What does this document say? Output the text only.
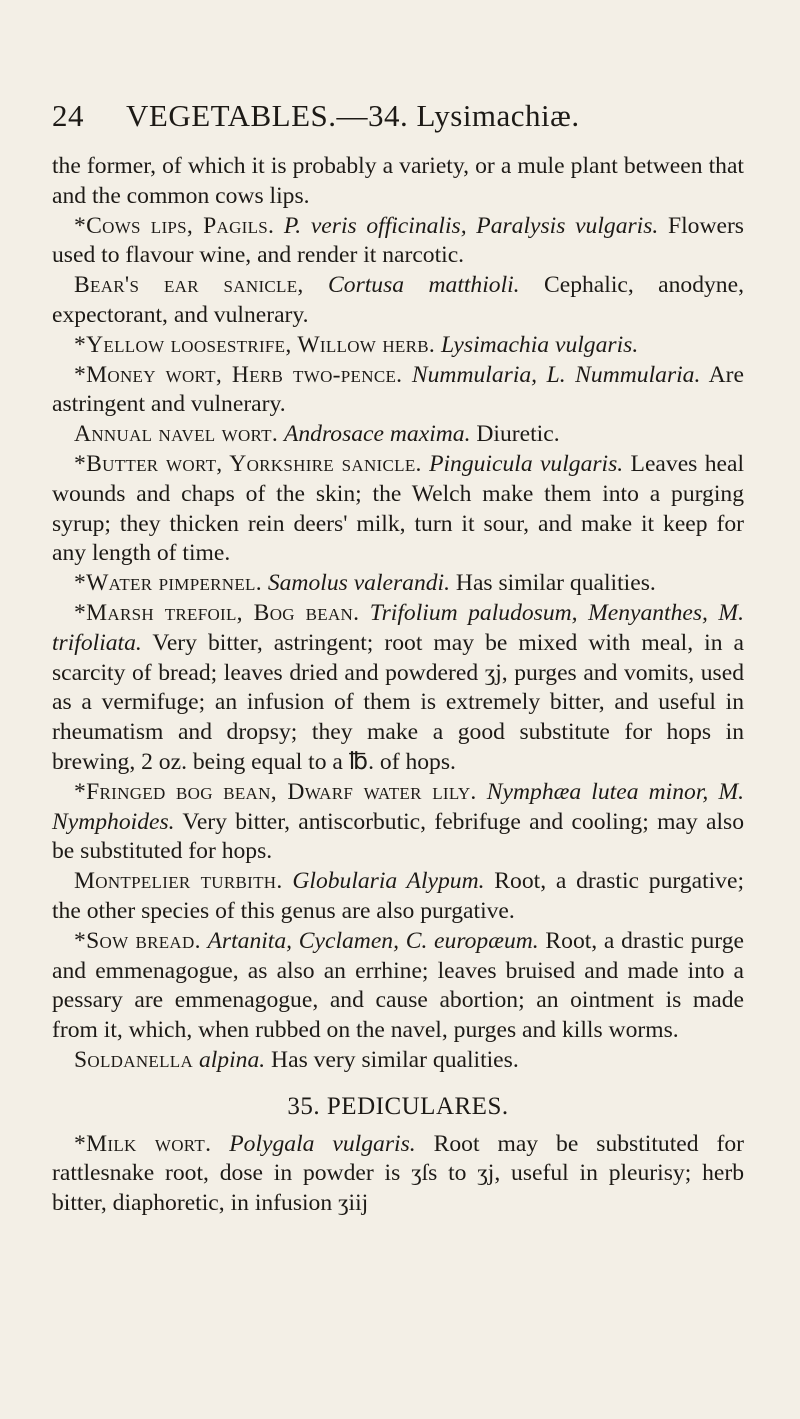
24 VEGETABLES.—34. Lysimachiæ.

the former, of which it is probably a variety, or a mule plant between that and the common cows lips.

*Cows lips, Pagils. P. veris officinalis, Paralysis vulgaris. Flowers used to flavour wine, and render it narcotic.

Bear's ear sanicle, Cortusa matthioli. Cephalic, anodyne, expectorant, and vulnerary.

*Yellow loosestrife, Willow herb. Lysimachia vulgaris.

*Money wort, Herb two-pence. Nummularia, L. Nummularia. Are astringent and vulnerary.

Annual navel wort. Androsace maxima. Diuretic.

*Butter wort, Yorkshire sanicle. Pinguicula vulgaris. Leaves heal wounds and chaps of the skin; the Welch make them into a purging syrup; they thicken rein deers' milk, turn it sour, and make it keep for any length of time.

*Water pimpernel. Samolus valerandi. Has similar qualities.

*Marsh trefoil, Bog bean. Trifolium paludosum, Menyanthes, M. trifoliata. Very bitter, astringent; root may be mixed with meal, in a scarcity of bread; leaves dried and powdered ʒj, purges and vomits, used as a vermifuge; an infusion of them is extremely bitter, and useful in rheumatism and dropsy; they make a good substitute for hops in brewing, 2 oz. being equal to a ℔. of hops.

*Fringed bog bean, Dwarf water lily. Nymphæa lutea minor, M. Nymphoides. Very bitter, antiscorbutic, febrifuge and cooling; may also be substituted for hops.

Montpelier turbith. Globularia Alypum. Root, a drastic purgative; the other species of this genus are also purgative.

*Sow bread. Artanita, Cyclamen, C. europæum. Root, a drastic purge and emmenagogue, as also an errhine; leaves bruised and made into a pessary are emmenagogue, and cause abortion; an ointment is made from it, which, when rubbed on the navel, purges and kills worms.

Soldanella alpina. Has very similar qualities.

35. PEDICULARES.

*Milk wort. Polygala vulgaris. Root may be substituted for rattlesnake root, dose in powder is ʒſs to ʒj, useful in pleurisy; herb bitter, diaphoretic, in infusion ʒiij
